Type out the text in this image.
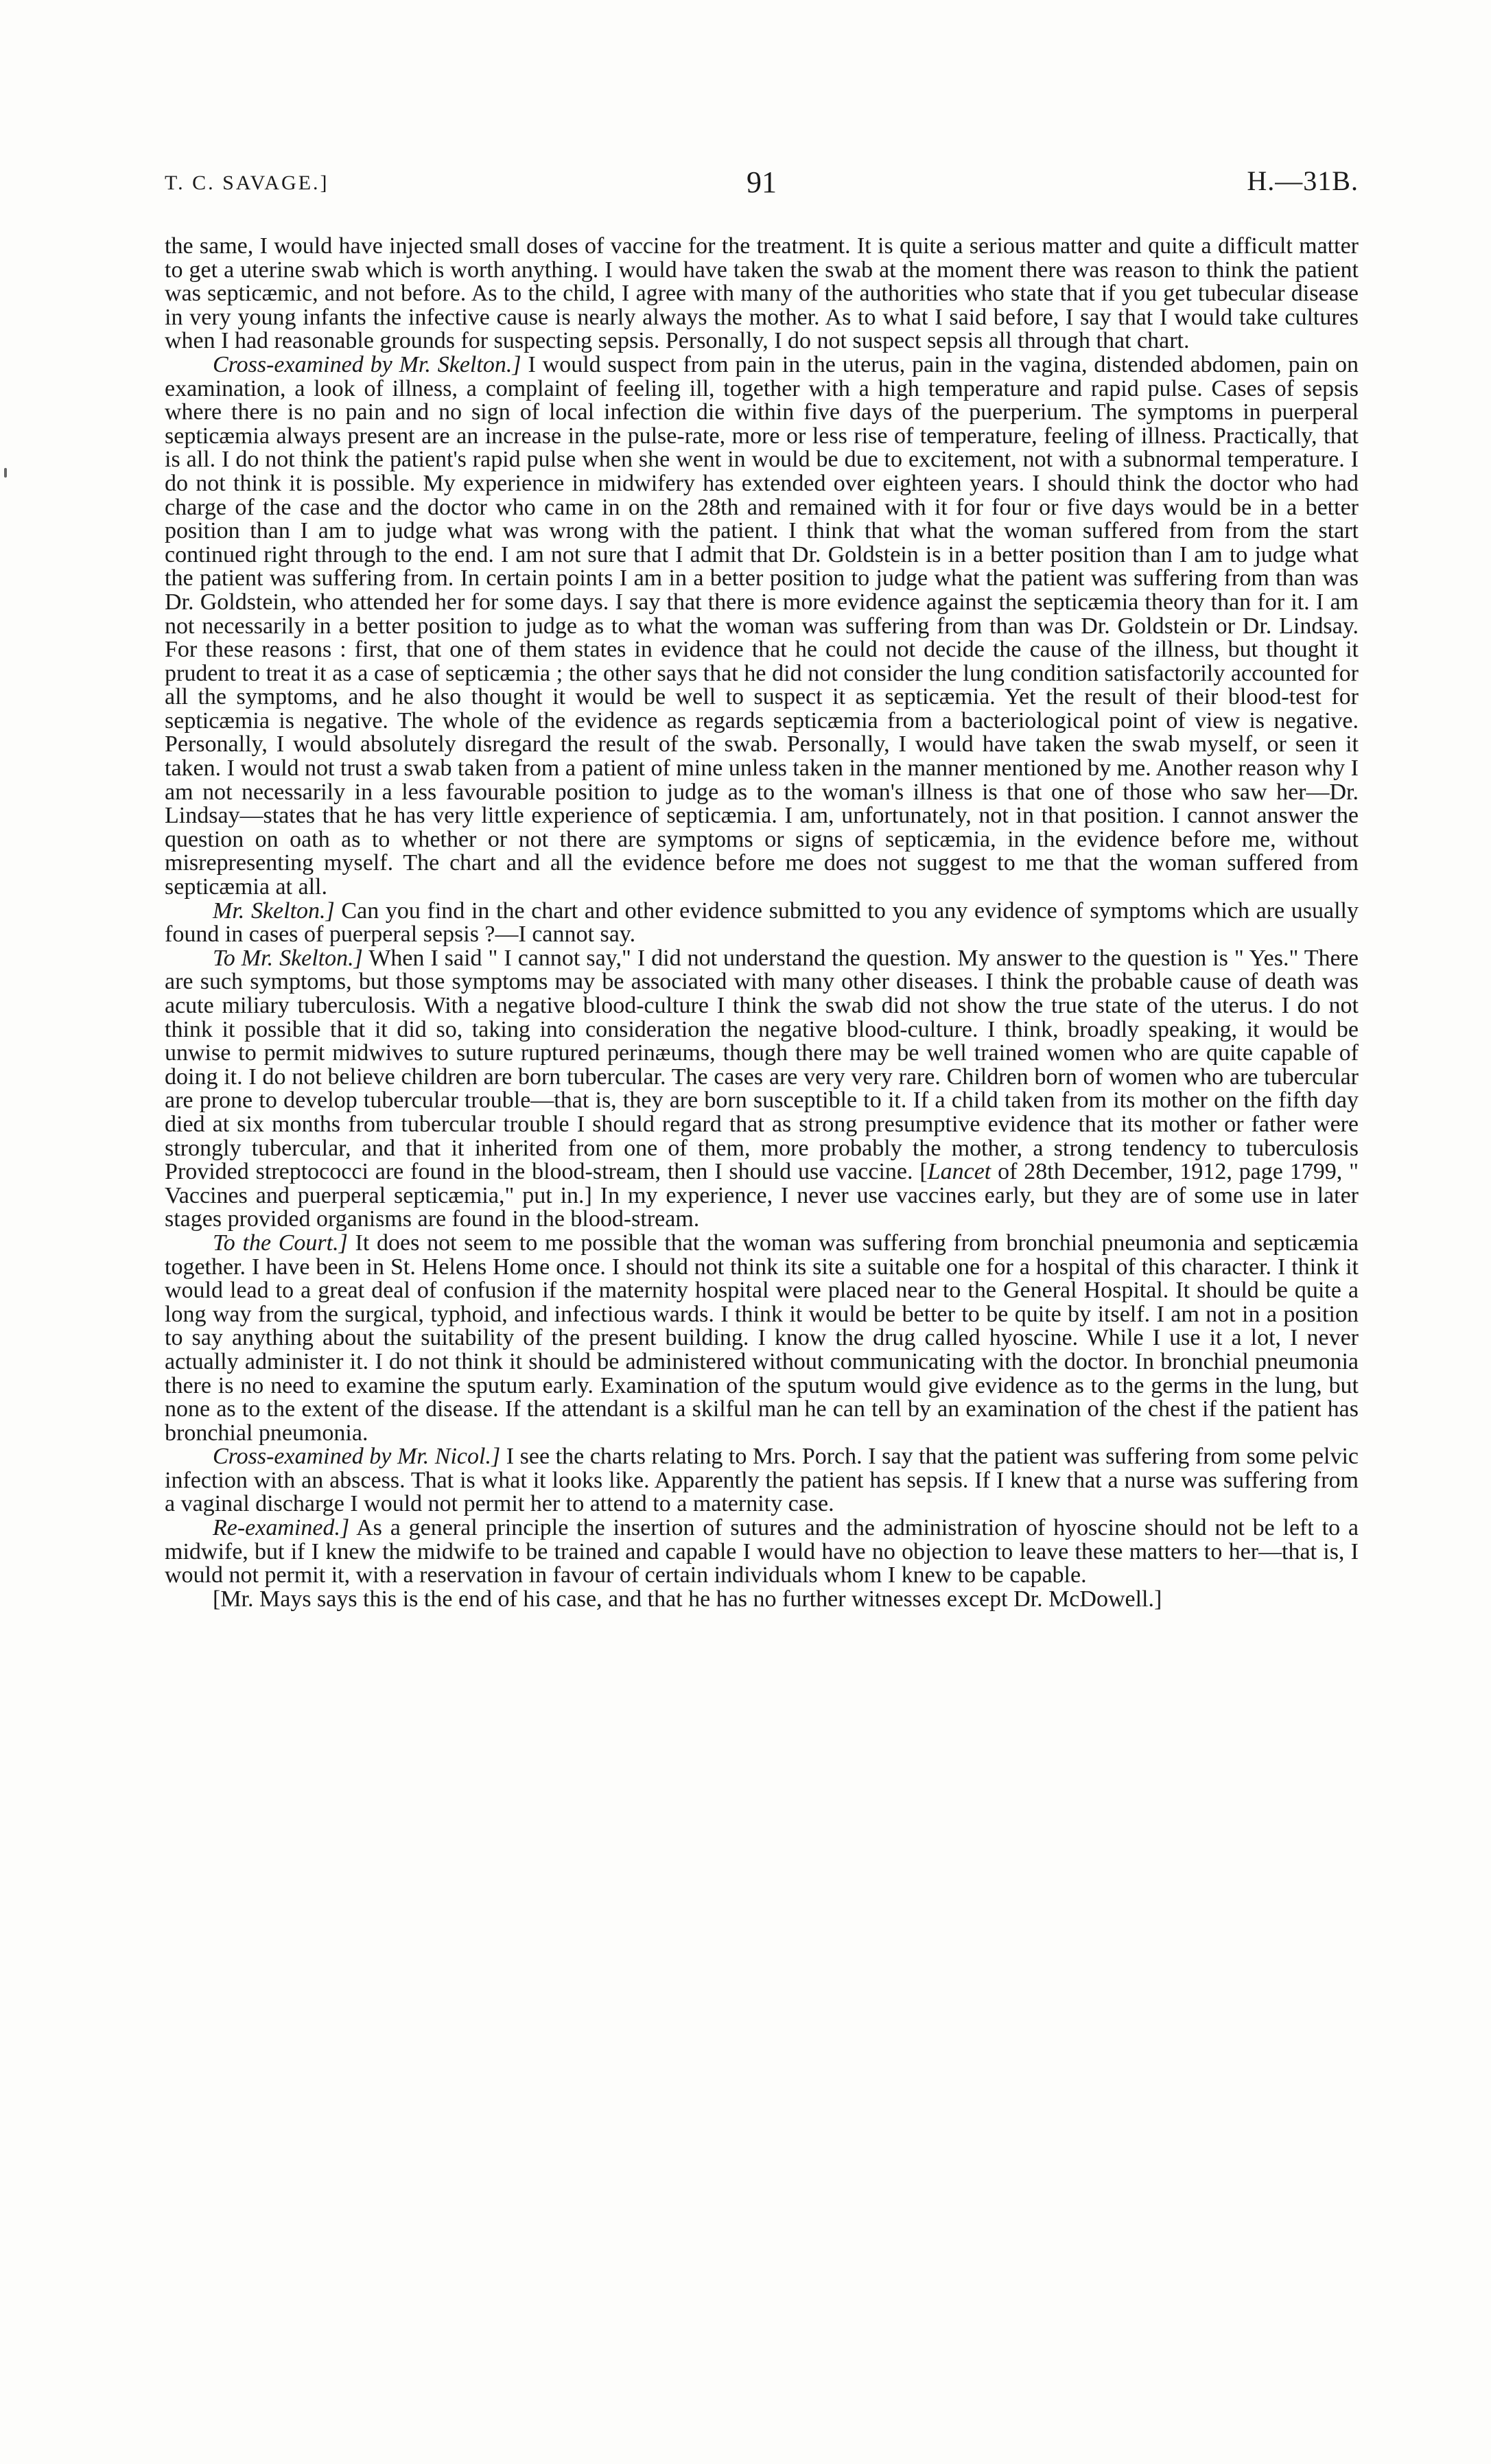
T. C. SAVAGE.]	91	H.—31B.

the same, I would have injected small doses of vaccine for the treatment. It is quite a serious matter and quite a difficult matter to get a uterine swab which is worth anything. I would have taken the swab at the moment there was reason to think the patient was septicæmic, and not before. As to the child, I agree with many of the authorities who state that if you get tubecular disease in very young infants the infective cause is nearly always the mother. As to what I said before, I say that I would take cultures when I had reasonable grounds for suspecting sepsis. Personally, I do not suspect sepsis all through that chart.

Cross-examined by Mr. Skelton.] I would suspect from pain in the uterus, pain in the vagina, distended abdomen, pain on examination, a look of illness, a complaint of feeling ill, together with a high temperature and rapid pulse. Cases of sepsis where there is no pain and no sign of local infection die within five days of the puerperium. The symptoms in puerperal septicæmia always present are an increase in the pulse-rate, more or less rise of temperature, feeling of illness. Practically, that is all. I do not think the patient's rapid pulse when she went in would be due to excitement, not with a subnormal temperature. I do not think it is possible. My experience in midwifery has extended over eighteen years. I should think the doctor who had charge of the case and the doctor who came in on the 28th and remained with it for four or five days would be in a better position than I am to judge what was wrong with the patient. I think that what the woman suffered from from the start continued right through to the end. I am not sure that I admit that Dr. Goldstein is in a better position than I am to judge what the patient was suffering from. In certain points I am in a better position to judge what the patient was suffering from than was Dr. Goldstein, who attended her for some days. I say that there is more evidence against the septicæmia theory than for it. I am not necessarily in a better position to judge as to what the woman was suffering from than was Dr. Goldstein or Dr. Lindsay. For these reasons : first, that one of them states in evidence that he could not decide the cause of the illness, but thought it prudent to treat it as a case of septicæmia ; the other says that he did not consider the lung condition satisfactorily accounted for all the symptoms, and he also thought it would be well to suspect it as septicæmia. Yet the result of their blood-test for septicæmia is negative. The whole of the evidence as regards septicæmia from a bacteriological point of view is negative. Personally, I would absolutely disregard the result of the swab. Personally, I would have taken the swab myself, or seen it taken. I would not trust a swab taken from a patient of mine unless taken in the manner mentioned by me. Another reason why I am not necessarily in a less favourable position to judge as to the woman's illness is that one of those who saw her—Dr. Lindsay—states that he has very little experience of septicæmia. I am, unfortunately, not in that position. I cannot answer the question on oath as to whether or not there are symptoms or signs of septicæmia, in the evidence before me, without misrepresenting myself. The chart and all the evidence before me does not suggest to me that the woman suffered from septicæmia at all.

Mr. Skelton.] Can you find in the chart and other evidence submitted to you any evidence of symptoms which are usually found in cases of puerperal sepsis ?—I cannot say.

To Mr. Skelton.] When I said " I cannot say," I did not understand the question. My answer to the question is " Yes." There are such symptoms, but those symptoms may be associated with many other diseases. I think the probable cause of death was acute miliary tuberculosis. With a negative blood-culture I think the swab did not show the true state of the uterus. I do not think it possible that it did so, taking into consideration the negative blood-culture. I think, broadly speaking, it would be unwise to permit midwives to suture ruptured perinæums, though there may be well trained women who are quite capable of doing it. I do not believe children are born tubercular. The cases are very very rare. Children born of women who are tubercular are prone to develop tubercular trouble—that is, they are born susceptible to it. If a child taken from its mother on the fifth day died at six months from tubercular trouble I should regard that as strong presumptive evidence that its mother or father were strongly tubercular, and that it inherited from one of them, more probably the mother, a strong tendency to tuberculosis Provided streptococci are found in the blood-stream, then I should use vaccine. [Lancet of 28th December, 1912, page 1799, " Vaccines and puerperal septicæmia," put in.] In my experience, I never use vaccines early, but they are of some use in later stages provided organisms are found in the blood-stream.

To the Court.] It does not seem to me possible that the woman was suffering from bronchial pneumonia and septicæmia together. I have been in St. Helens Home once. I should not think its site a suitable one for a hospital of this character. I think it would lead to a great deal of confusion if the maternity hospital were placed near to the General Hospital. It should be quite a long way from the surgical, typhoid, and infectious wards. I think it would be better to be quite by itself. I am not in a position to say anything about the suitability of the present building. I know the drug called hyoscine. While I use it a lot, I never actually administer it. I do not think it should be administered without communicating with the doctor. In bronchial pneumonia there is no need to examine the sputum early. Examination of the sputum would give evidence as to the germs in the lung, but none as to the extent of the disease. If the attendant is a skilful man he can tell by an examination of the chest if the patient has bronchial pneumonia.

Cross-examined by Mr. Nicol.] I see the charts relating to Mrs. Porch. I say that the patient was suffering from some pelvic infection with an abscess. That is what it looks like. Apparently the patient has sepsis. If I knew that a nurse was suffering from a vaginal discharge I would not permit her to attend to a maternity case.

Re-examined.] As a general principle the insertion of sutures and the administration of hyoscine should not be left to a midwife, but if I knew the midwife to be trained and capable I would have no objection to leave these matters to her—that is, I would not permit it, with a reservation in favour of certain individuals whom I knew to be capable.

[Mr. Mays says this is the end of his case, and that he has no further witnesses except Dr. McDowell.]
